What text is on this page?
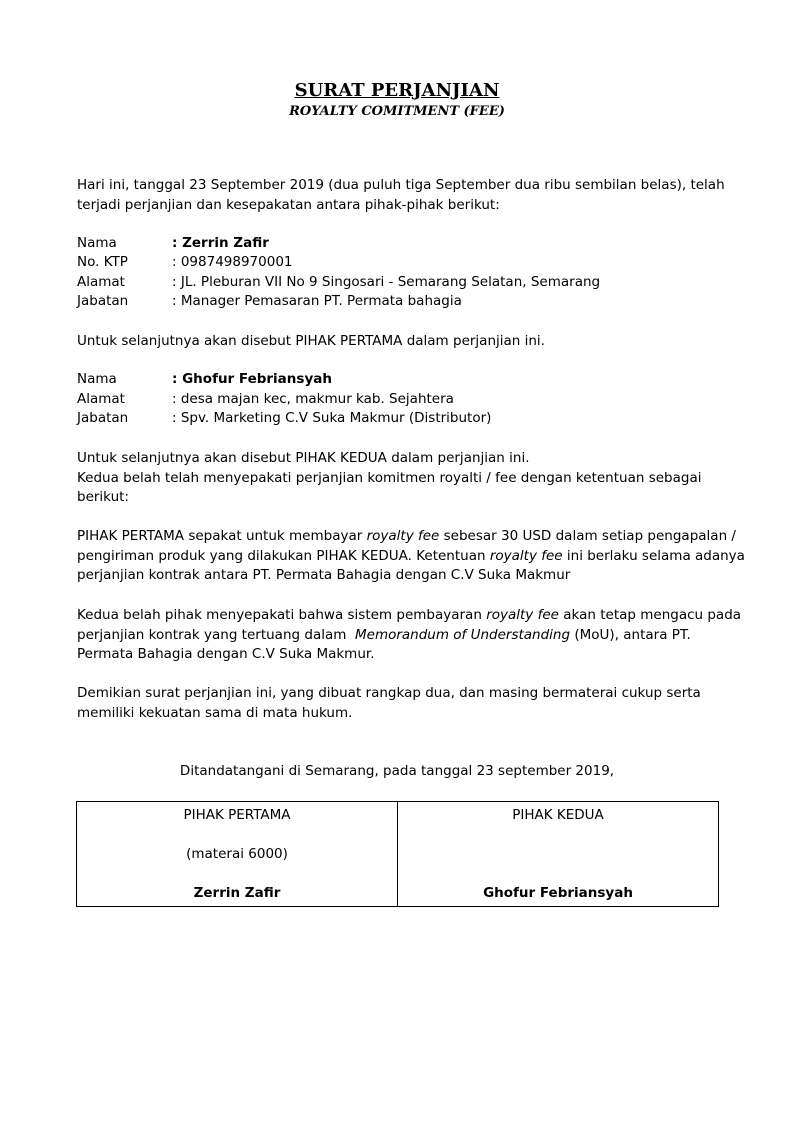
SURAT PERJANJIAN
ROYALTY COMITMENT (FEE)

Hari ini, tanggal 23 September 2019 (dua puluh tiga September dua ribu sembilan belas), telah

terjadi perjanjian dan kesepakatan antara pihak-pihak berikut:

Nama	: Zerrin Zafir
No. KTP	: 0987498970001
Alamat	: JL. Pleburan VII No 9 Singosari - Semarang Selatan, Semarang
Jabatan	: Manager Pemasaran PT. Permata bahagia

Untuk selanjutnya akan disebut PIHAK PERTAMA dalam perjanjian ini.

Nama	: Ghofur Febriansyah
Alamat	: desa majan kec, makmur kab. Sejahtera
Jabatan	: Spv. Marketing C.V Suka Makmur (Distributor)

Untuk selanjutnya akan disebut PIHAK KEDUA dalam perjanjian ini.

Kedua belah telah menyepakati perjanjian komitmen royalti / fee dengan ketentuan sebagai

berikut:

PIHAK PERTAMA sepakat untuk membayar royalty fee sebesar 30 USD dalam setiap pengapalan /

pengiriman produk yang dilakukan PIHAK KEDUA. Ketentuan royalty fee ini berlaku selama adanya

perjanjian kontrak antara PT. Permata Bahagia dengan C.V Suka Makmur

Kedua belah pihak menyepakati bahwa sistem pembayaran royalty fee akan tetap mengacu pada

perjanjian kontrak yang tertuang dalam  Memorandum of Understanding (MoU), antara PT.

Permata Bahagia dengan C.V Suka Makmur.

Demikian surat perjanjian ini, yang dibuat rangkap dua, dan masing bermaterai cukup serta

memiliki kekuatan sama di mata hukum.

Ditandatangani di Semarang, pada tanggal 23 september 2019,
PIHAK PERTAMA
(materai 6000)
Zerrin Zafir

PIHAK KEDUA
Ghofur Febriansyah
